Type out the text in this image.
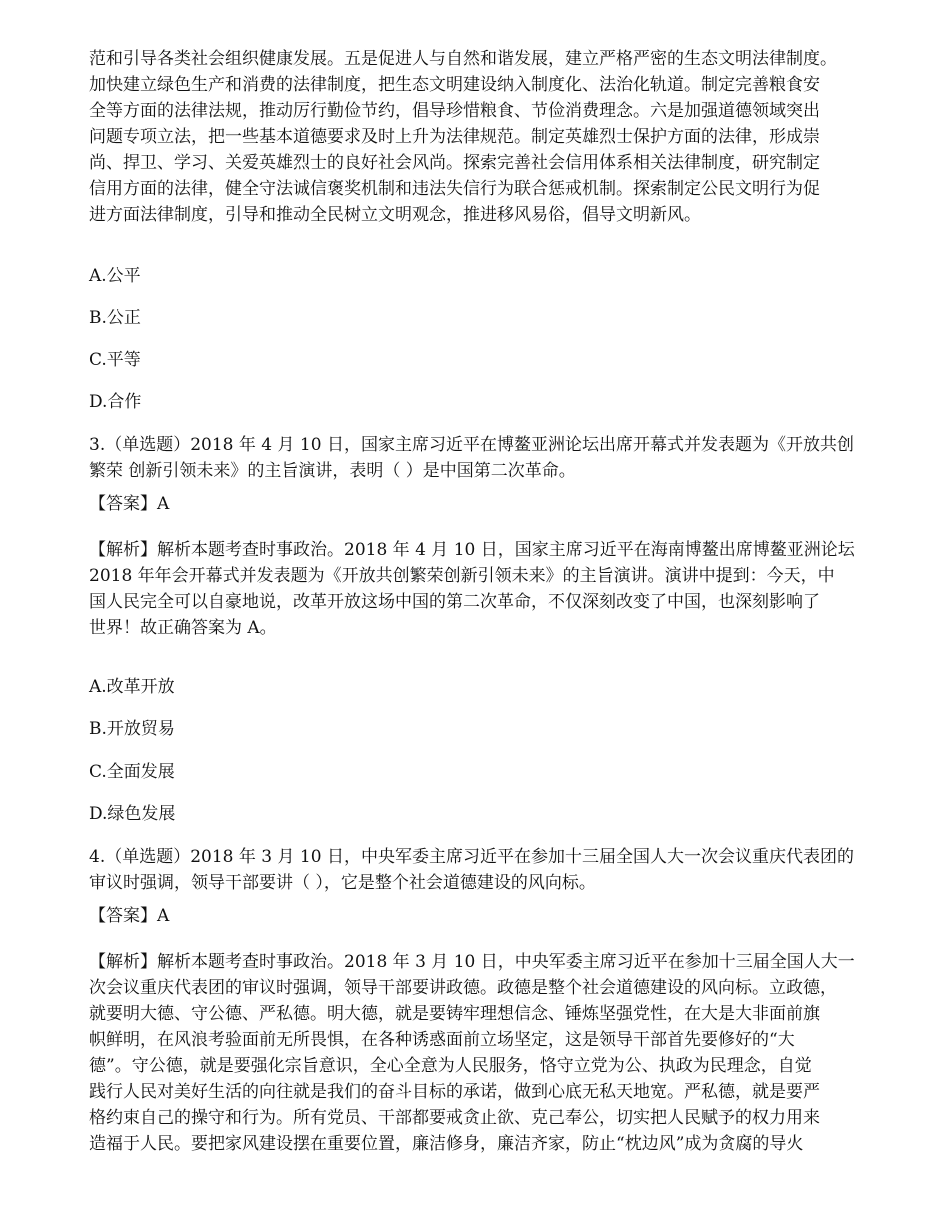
范和引导各类社会组织健康发展。五是促进人与自然和谐发展，建立严格严密的生态文明法律制度。
加快建立绿色生产和消费的法律制度，把生态文明建设纳入制度化、法治化轨道。制定完善粮食安
全等方面的法律法规，推动厉行勤俭节约，倡导珍惜粮食、节俭消费理念。六是加强道德领域突出
问题专项立法，把一些基本道德要求及时上升为法律规范。制定英雄烈士保护方面的法律，形成崇
尚、捍卫、学习、关爱英雄烈士的良好社会风尚。探索完善社会信用体系相关法律制度，研究制定
信用方面的法律，健全守法诚信褒奖机制和违法失信行为联合惩戒机制。探索制定公民文明行为促
进方面法律制度，引导和推动全民树立文明观念，推进移风易俗，倡导文明新风。
A.公平
B.公正
C.平等
D.合作
3.（单选题）2018 年 4 月 10 日，国家主席习近平在博鳌亚洲论坛出席开幕式并发表题为《开放共创
繁荣 创新引领未来》的主旨演讲，表明（ ）是中国第二次革命。
【答案】A
【解析】解析本题考查时事政治。2018 年 4 月 10 日，国家主席习近平在海南博鳌出席博鳌亚洲论坛
2018 年年会开幕式并发表题为《开放共创繁荣创新引领未来》的主旨演讲。演讲中提到：今天，中
国人民完全可以自豪地说，改革开放这场中国的第二次革命，不仅深刻改变了中国，也深刻影响了
世界！故正确答案为 A。
A.改革开放
B.开放贸易
C.全面发展
D.绿色发展
4.（单选题）2018 年 3 月 10 日，中央军委主席习近平在参加十三届全国人大一次会议重庆代表团的
审议时强调，领导干部要讲（ ），它是整个社会道德建设的风向标。
【答案】A
【解析】解析本题考查时事政治。2018 年 3 月 10 日，中央军委主席习近平在参加十三届全国人大一
次会议重庆代表团的审议时强调，领导干部要讲政德。政德是整个社会道德建设的风向标。立政德，
就要明大德、守公德、严私德。明大德，就是要铸牢理想信念、锤炼坚强党性，在大是大非面前旗
帜鲜明，在风浪考验面前无所畏惧，在各种诱惑面前立场坚定，这是领导干部首先要修好的“大
德”。守公德，就是要强化宗旨意识，全心全意为人民服务，恪守立党为公、执政为民理念，自觉
践行人民对美好生活的向往就是我们的奋斗目标的承诺，做到心底无私天地宽。严私德，就是要严
格约束自己的操守和行为。所有党员、干部都要戒贪止欲、克己奉公，切实把人民赋予的权力用来
造福于人民。要把家风建设摆在重要位置，廉洁修身，廉洁齐家，防止“枕边风”成为贪腐的导火
